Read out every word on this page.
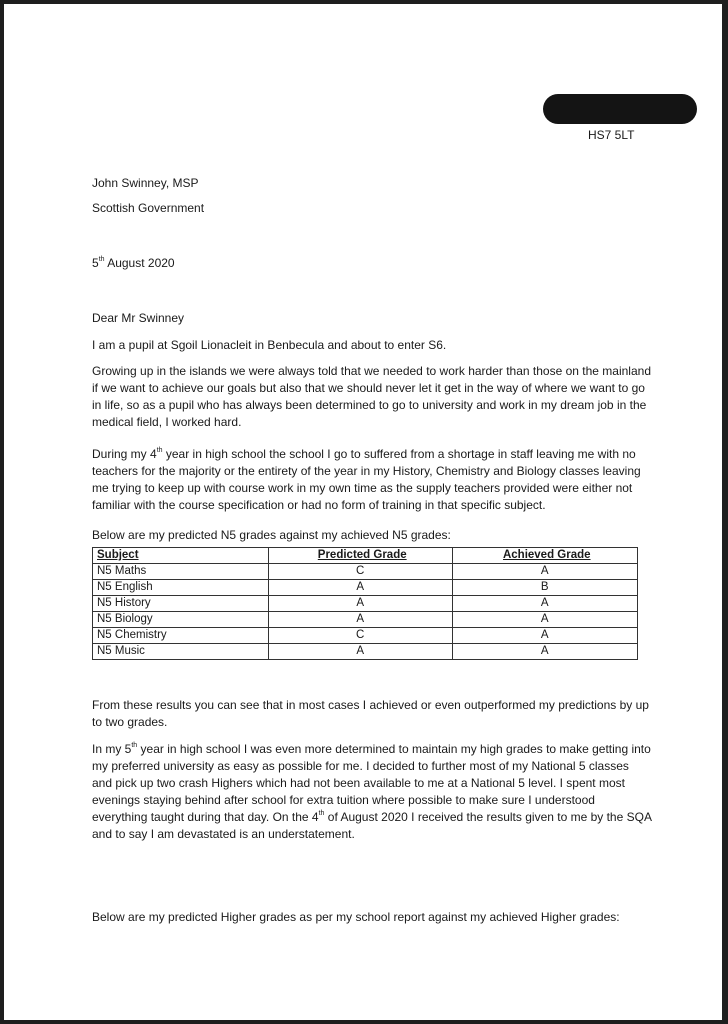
HS7 5LT
John Swinney, MSP
Scottish Government
5th August 2020
Dear Mr Swinney
I am a pupil at Sgoil Lionacleit in Benbecula and about to enter S6.
Growing up in the islands we were always told that we needed to work harder than those on the mainland if we want to achieve our goals but also that we should never let it get in the way of where we want to go in life, so as a pupil who has always been determined to go to university and work in my dream job in the medical field, I worked hard.
During my 4th year in high school the school I go to suffered from a shortage in staff leaving me with no teachers for the majority or the entirety of the year in my History, Chemistry and Biology classes leaving me trying to keep up with course work in my own time as the supply teachers provided were either not familiar with the course specification or had no form of training in that specific subject.
Below are my predicted N5 grades against my achieved N5 grades:
Subject	Predicted Grade	Achieved Grade
N5 Maths	C	A
N5 English	A	B
N5 History	A	A
N5 Biology	A	A
N5 Chemistry	C	A
N5 Music	A	A
From these results you can see that in most cases I achieved or even outperformed my predictions by up to two grades.
In my 5th year in high school I was even more determined to maintain my high grades to make getting into my preferred university as easy as possible for me. I decided to further most of my National 5 classes and pick up two crash Highers which had not been available to me at a National 5 level. I spent most evenings staying behind after school for extra tuition where possible to make sure I understood everything taught during that day. On the 4th of August 2020 I received the results given to me by the SQA and to say I am devastated is an understatement.
Below are my predicted Higher grades as per my school report against my achieved Higher grades:
